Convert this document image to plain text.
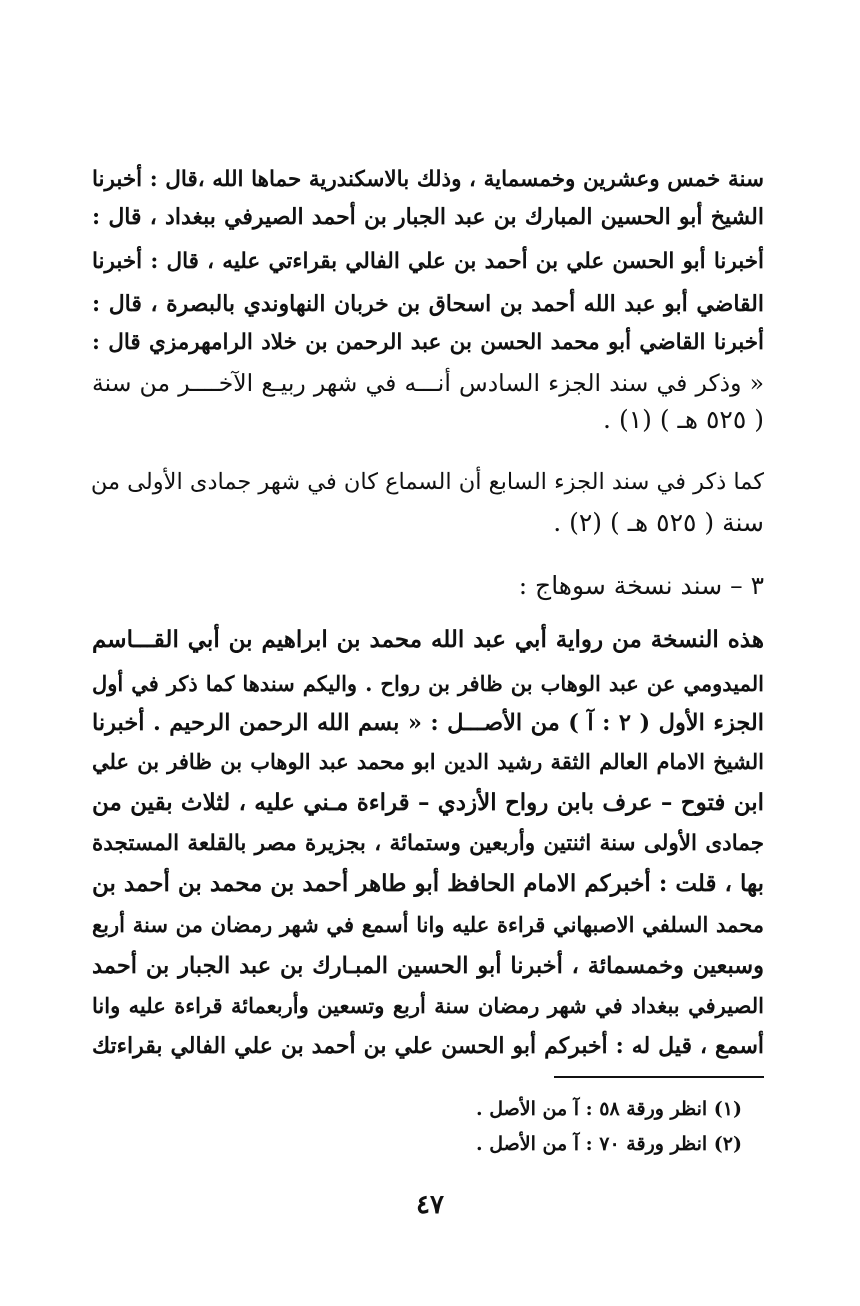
سنة خمس وعشرين وخمسماية ، وذلك بالاسكندرية حماها الله ،قال : أخبرنا
الشيخ أبو الحسين المبارك بن عبد الجبار بن أحمد الصيرفي ببغداد ، قال :
أخبرنا أبو الحسن علي بن أحمد بن علي الفالي بقراءتي عليه ، قال : أخبرنا
القاضي أبو عبد الله أحمد بن اسحاق بن خربان النهاوندي بالبصرة ، قال :
أخبرنا القاضي أبو محمد الحسن بن عبد الرحمن بن خلاد الرامهرمزي قال :
« وذكر في سند الجزء السادس أنـــه في شهر ربيـع الآخــــر من سنة
( ٥٢٥ هـ ) (١) .
كما ذكر في سند الجزء السابع أن السماع كان في شهر جمادى الأولى من
سنة ( ٥٢٥ هـ ) (٢) .
٣ – سند نسخة سوهاج :
هذه النسخة من رواية أبي عبد الله محمد بن ابراهيم بن أبي القـــاسم
الميدومي عن عبد الوهاب بن ظافر بن رواح . واليكم سندها كما ذكر في أول
الجزء الأول ( ٢ : آ ) من الأصـــل : « بسم الله الرحمن الرحيم . أخبرنا
الشيخ الامام العالم الثقة رشيد الدين ابو محمد عبد الوهاب بن ظافر بن علي
ابن فتوح – عرف بابن رواح الأزدي – قراءة مـني عليه ، لثلاث بقين من
جمادى الأولى سنة اثنتين وأربعين وستمائة ، بجزيرة مصر بالقلعة المستجدة
بها ، قلت : أخبركم الامام الحافظ أبو طاهر أحمد بن محمد بن أحمد بن
محمد السلفي الاصبهاني قراءة عليه وانا أسمع في شهر رمضان من سنة أربع
وسبعين وخمسمائة ، أخبرنا أبو الحسين المبـارك بن عبد الجبار بن أحمد
الصيرفي ببغداد في شهر رمضان سنة أربع وتسعين وأربعمائة قراءة عليه وانا
أسمع ، قيل له : أخبركم أبو الحسن علي بن أحمد بن علي الفالي بقراءتك
(١) انظر ورقة ٥٨ : آ من الأصل .
(٢) انظر ورقة ٧٠ : آ من الأصل .
٤٧
